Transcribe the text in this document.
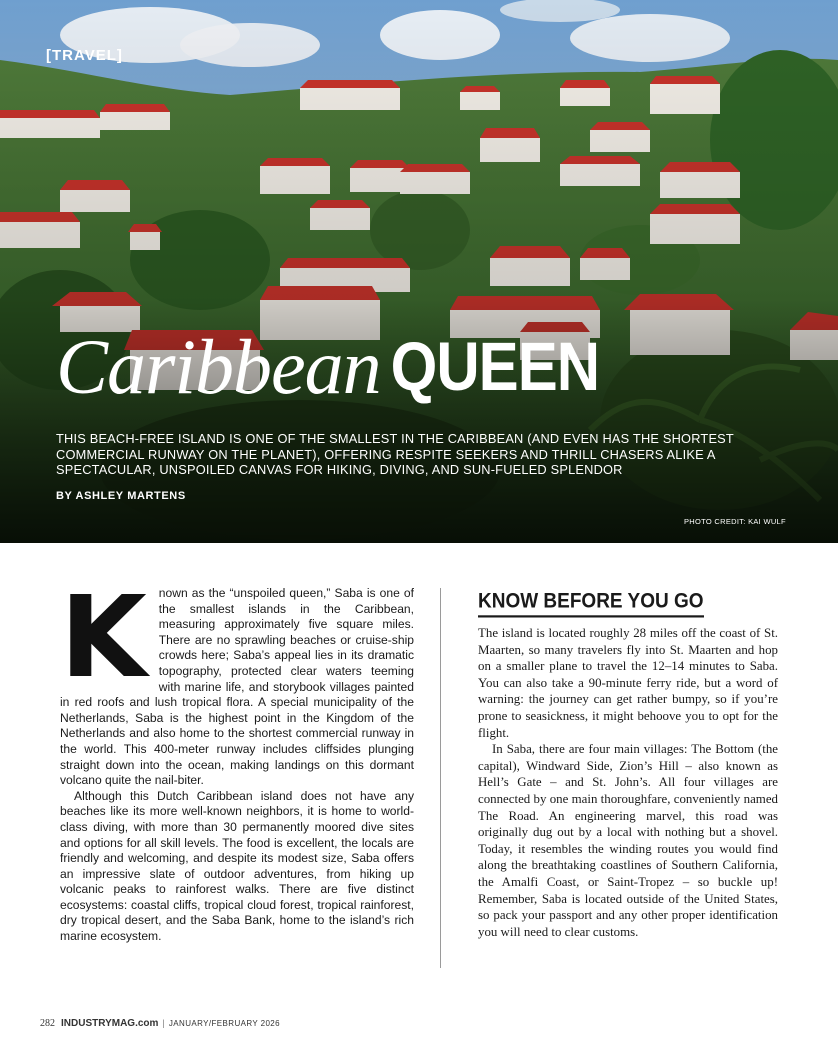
[TRAVEL]
Caribbean QUEEN
THIS BEACH-FREE ISLAND IS ONE OF THE SMALLEST IN THE CARIBBEAN (AND EVEN HAS THE SHORTEST COMMERCIAL RUNWAY ON THE PLANET), OFFERING RESPITE SEEKERS AND THRILL CHASERS ALIKE A SPECTACULAR, UNSPOILED CANVAS FOR HIKING, DIVING, AND SUN-FUELED SPLENDOR
BY ASHLEY MARTENS
PHOTO CREDIT: KAI WULF
K nown as the “unspoiled queen,” Saba is one of the smallest islands in the Caribbean, measuring approximately five square miles. There are no sprawling beaches or cruise-ship crowds here; Saba’s appeal lies in its dramatic topography, protected clear waters teeming with marine life, and storybook villages painted in red roofs and lush tropical flora. A special municipality of the Netherlands, Saba is the highest point in the Kingdom of the Netherlands and also home to the shortest commercial runway in the world. This 400-meter runway includes cliffsides plunging straight down into the ocean, making landings on this dormant volcano quite the nail-biter.

Although this Dutch Caribbean island does not have any beaches like its more well-known neighbors, it is home to world-class diving, with more than 30 permanently moored dive sites and options for all skill levels. The food is excellent, the locals are friendly and welcoming, and despite its modest size, Saba offers an impressive slate of outdoor adventures, from hiking up volcanic peaks to rainforest walks. There are five distinct ecosystems: coastal cliffs, tropical cloud forest, tropical rainforest, dry tropical desert, and the Saba Bank, home to the island’s rich marine ecosystem.

KNOW BEFORE YOU GO

The island is located roughly 28 miles off the coast of St. Maarten, so many travelers fly into St. Maarten and hop on a smaller plane to travel the 12–14 minutes to Saba. You can also take a 90-minute ferry ride, but a word of warning: the journey can get rather bumpy, so if you’re prone to seasickness, it might behoove you to opt for the flight.

In Saba, there are four main villages: The Bottom (the capital), Windward Side, Zion’s Hill – also known as Hell’s Gate – and St. John’s. All four villages are connected by one main thoroughfare, conveniently named The Road. An engineering marvel, this road was originally dug out by a local with nothing but a shovel. Today, it resembles the winding routes you would find along the breathtaking coastlines of Southern California, the Amalfi Coast, or Saint-Tropez – so buckle up! Remember, Saba is located outside of the United States, so pack your passport and any other proper identification you will need to clear customs.

282 INDUSTRYMAG.com | JANUARY/FEBRUARY 2026
